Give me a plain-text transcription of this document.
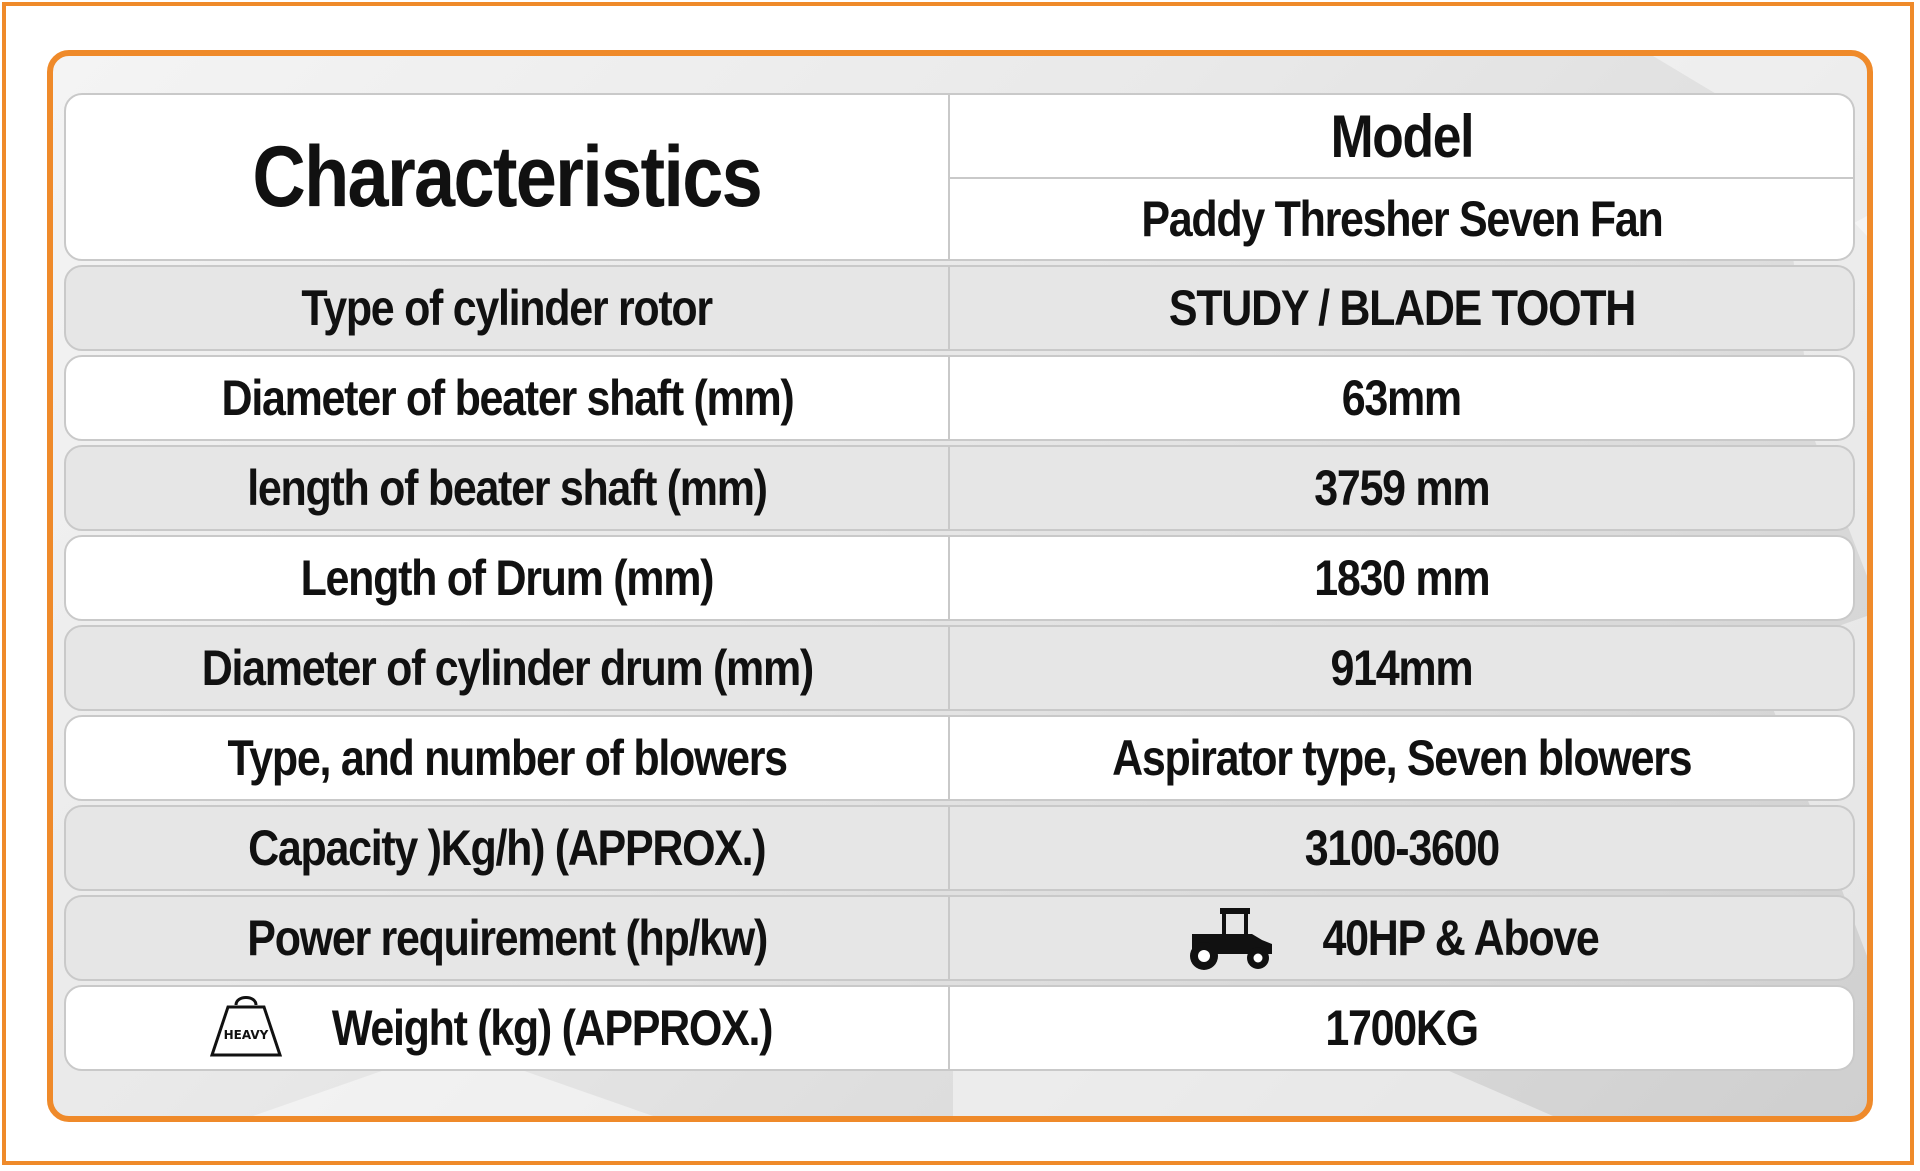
Characteristics	Model
Paddy Thresher Seven Fan
Type of cylinder rotor	STUDY / BLADE TOOTH
Diameter of beater shaft (mm)	63mm
length of beater shaft (mm)	3759 mm
Length of Drum (mm)	1830 mm
Diameter of cylinder drum (mm)	914mm
Type, and number of blowers	Aspirator type, Seven blowers
Capacity )Kg/h) (APPROX.)	3100-3600
Power requirement (hp/kw)	40HP & Above
HEAVY Weight (kg) (APPROX.)	1700KG
